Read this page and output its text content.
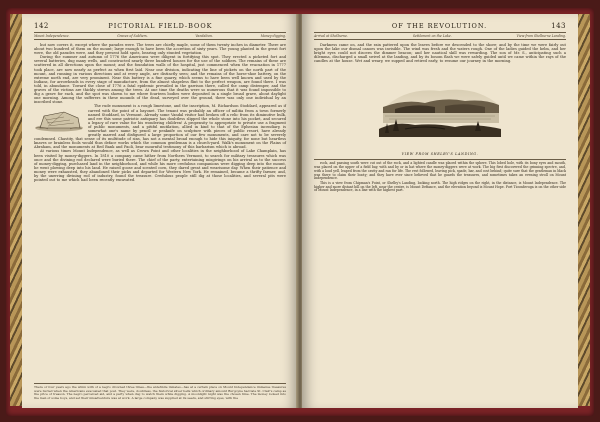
142	PICTORIAL FIELD-BOOK
Mount Independence.	Graves of Soldiers.	Vandalism.	Money-digging.

hut now covers it, except where the parades were. The trees are chiefly maple, some of them twenty inches in diameter. There are about two hundred of them on the mount; large enough to have been the accretion of sixty years. The young planted in the great fort were, the old parades were, and they present hold spots, bearing only stunted vegetation.

During the summer and autumn of 1776 the Americans were diligent in fortifying this spot. They erected a picketed fort and several batteries, dug many wells, and constructed nearly three hundred houses for the use of the soldiers. The remains of these are scattered in all directions upon the mount; and the foundation walls of the hospital, just commenced when the evacuation in 1777 took place, are now nearly as perfect as when first laid. Near one division, indicating the line of pickets on the north part of the mount, and running in various directions and at every angle, are distinctly seen; and the remains of the horse-shoe battery, on the extreme north end, are very prominent. Near this battery is a fine quarry, which seems to have been well known and used by the Indians, for arrowheads in every stage of manufacture, from the almost shapeless flint to the perfect weapon, are found there. I was told, in abundance. Toward the close of 1776 a fatal epidemic prevailed in the garrison there, called the camp distemper, and the graves of the victims are thickly strewn among the trees. At one time the deaths were so numerous that it was found impossible to dig a grave for each, and the spot was shown to me where fourteen bodies were deposited in a single broad grave, about daylight one morning. Among the sufferers in these mounds of the dead, surveyed over the ground, there was only one individual by an inscribed stone.

The rude monument is a rough limestone, and the inscription, M. Richardson Stoddard, appeared as if carved with the point of a bayonet. The tenant was probably an officer of militia from a town formerly named Stoddard, in Vermont. Already some Vandal visitor had broken off a relic from its diminutive bulk, and ere this some patriotic antiquary has doubtless slipped the whole stone into his pocket, and secured a legacy of rare value for his wondering children! A propensity to appropriate to private use a fragment of public monuments, and a pitiful mutilation, allied in kind to that of the Ephesian incendiary, is somewhat one's name by pencil or penknife on sculpture with pieces of public resort, have already greatly marred and disfigured a large proportion of our few monuments, and care not to be severely condemned. Chastity, that sense of its multitude of sins, has not a mental broad enough to hide this iniquity, for none but heartless knaves or brainless fools would thus deface works which the common gentleman is a church-yard. Walk's monument on the Plains of Abraham, and the monuments at Red Bank and Paoli, bear mournful testimony of this barbarism which is abroad.

At various times Mount Independence, as well as Crown Point and other localities in the neighborhood of Lake Champlain, has been visited by money-diggers. In 1810 a company came hither from Northern Vermont, to search for military treasures which was once and the divining rod declared were buried there. The chief of the party, entertaining misgivings on his arrival as to the success of money-digging, purchased land in the neighborhood, and while his more credulous companions were digging deep into the mount, he went plowing deep into his land. He raised goose and scented corn, they dared great and wearisome day. When their patience and money were exhausted, they abandoned their picks and departed for Western New York. He remained, became a thrifty farmer, and, by the unerring divining rod of industry, found the treasure. Credulous people still dig at those localities, and several pits were pointed out to me which had been recently excavated.

There or four years ago the whim with of a negro drowned three times—the antefinite inmates—has at a certain place on Mount Independence immense treasures were buried when the Americans evacuated that post. They were, doubtless, the historical silver bells which ordinary amount Burgoyne had late St. Clair's camp as the price of treason. The negro perceived aid, and a party when dug to watch them while digging. A moonlight night was the chosen time. The money looked into the men of some boys, and set their misadventure was at work. A large company was supplied at its seeds, and stirring eyes, with the
OF THE REVOLUTION.	143
Arrival at Shelburne.	Settlement on the Lake.	View from Shelburne Landing.

Darkness came on, and the rain pattered upon the leaves before we descended to the shore; and by the time we were fairly out upon the lake our dismal canoes was invisible. The wind was fresh and the waters rough. One of the ladies guided the helm, and her bright eyes could not discern the dimmer beacon; and her nautical skill was rewarding. The son of Mr. S., anticipating such a dilemma, discharged a small swivel at the landing, and by its bosom flash we were safely guided until we came within the rays of the candles at the house. Wet and weary, we supped and retired early, to resume our journey in the morning.

VIEW FROM SHELBY'S LANDING.

rock, and passing south were cut out of the rock, and a lighted candle was placed within the sphere. This lobed hole, with its bony eyes and mouth, was placed on the upper of a field bay, with and by or in hat where the money-diggers were at work. The big first discovered the grinning spectre, and, with a loud yell, leaped from the cavity and ran for life. The rest followed, leaving pick, spade, bar, and cost behind; quite sure that the gentleman in black was there to claim their booty; and they have ever since believed that he guards the treasures, and sometimes takes an evening stroll on Mount Independence.

This is a view from Chipman's Point, or Shelby's Landing, looking north. The high ridges on the right, in the distance, is Mount Independence. The higher and more distant hill on the left, near the centre, is Mount Defiance, and the elevation beyond is Mount Hope. Fort Ticonderoga is on the other side of Mount Independence, in a line with the highest part.
